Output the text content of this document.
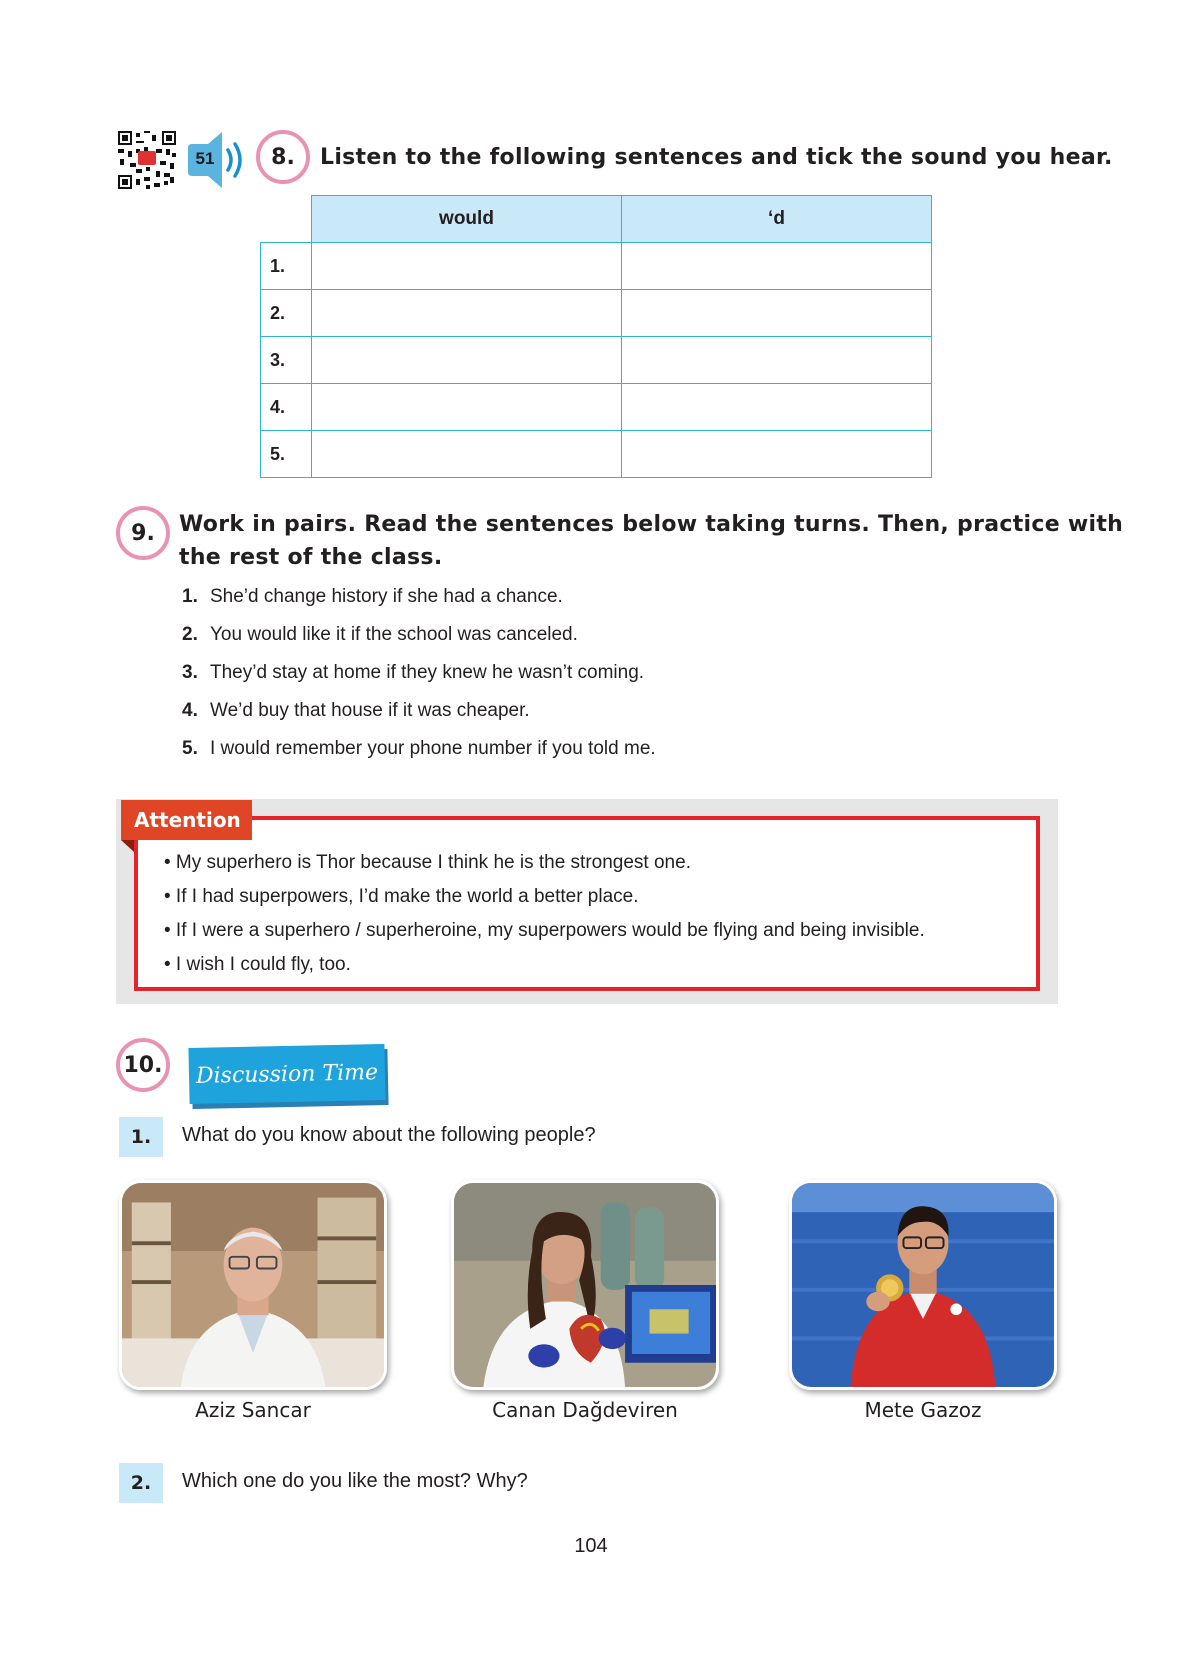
51	8.	Listen to the following sentences and tick the sound you hear.
	would	‘d
1.		
2.		
3.		
4.		
5.		
9.	Work in pairs. Read the sentences below taking turns. Then, practice with
the rest of the class.
1. She’d change history if she had a chance.
2. You would like it if the school was canceled.
3. They’d stay at home if they knew he wasn’t coming.
4. We’d buy that house if it was cheaper.
5. I would remember your phone number if you told me.
Attention
• My superhero is Thor because I think he is the strongest one.
• If I had superpowers, I’d make the world a better place.
• If I were a superhero / superheroine, my superpowers would be flying and being invisible.
• I wish I could fly, too.
10.	Discussion Time
1.	What do you know about the following people?
Aziz Sancar	Canan Dağdeviren	Mete Gazoz
2.	Which one do you like the most? Why?
104
